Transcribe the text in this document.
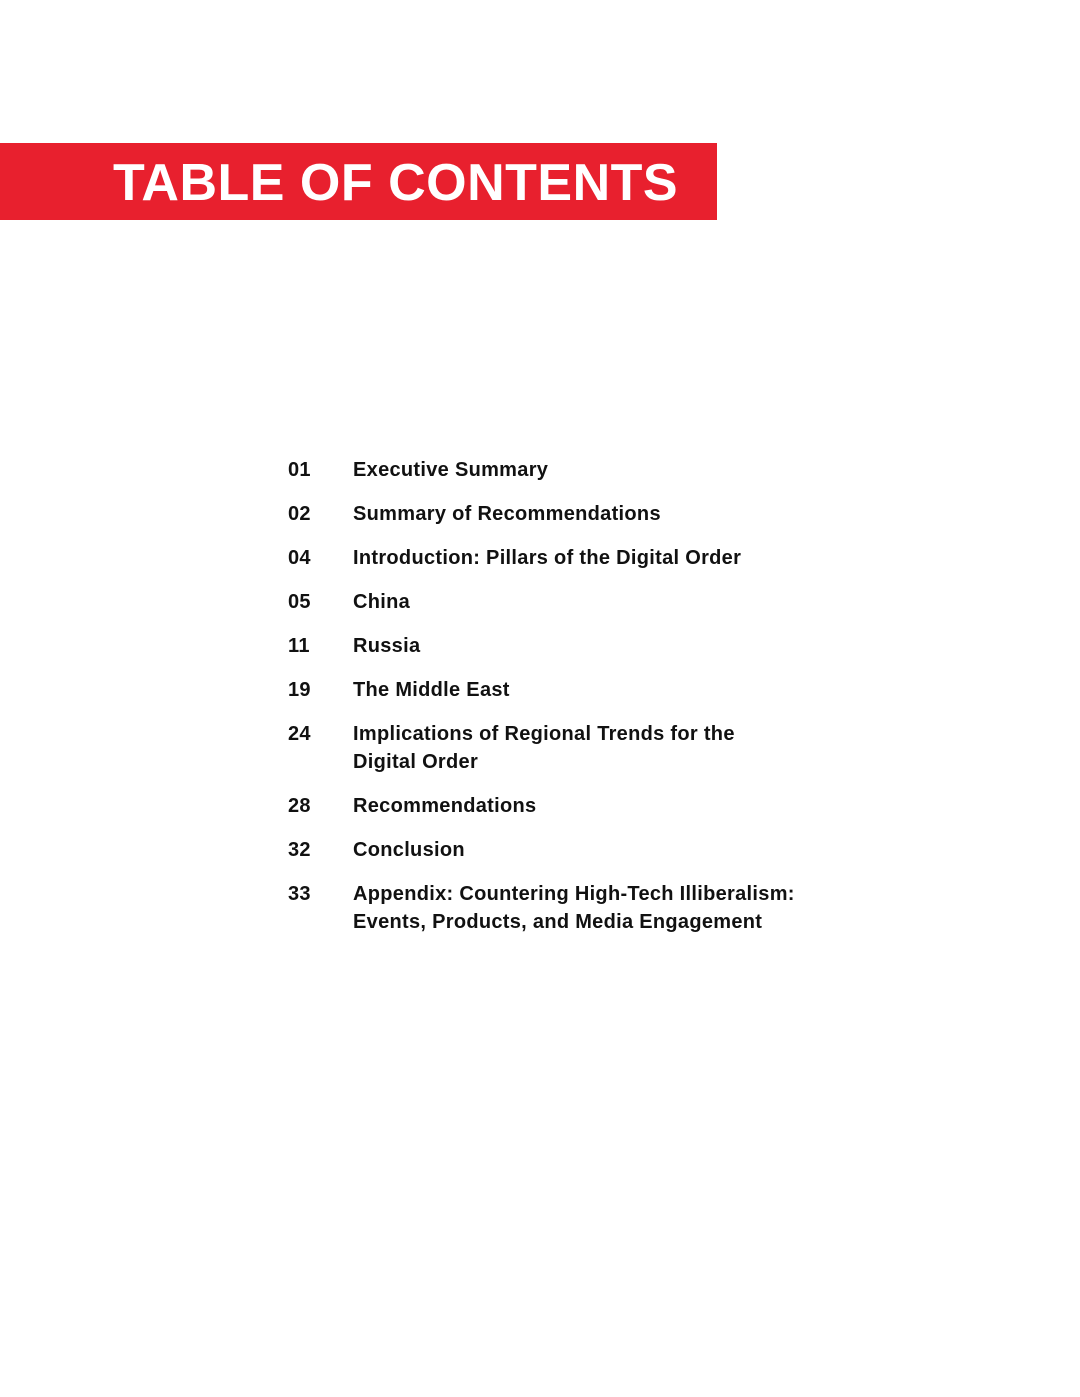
TABLE OF CONTENTS
01	Executive Summary
02	Summary of Recommendations
04	Introduction: Pillars of the Digital Order
05	China
11	Russia
19	The Middle East
24	Implications of Regional Trends for the
Digital Order
28	Recommendations
32	Conclusion
33	Appendix: Countering High-Tech Illiberalism:
Events, Products, and Media Engagement
